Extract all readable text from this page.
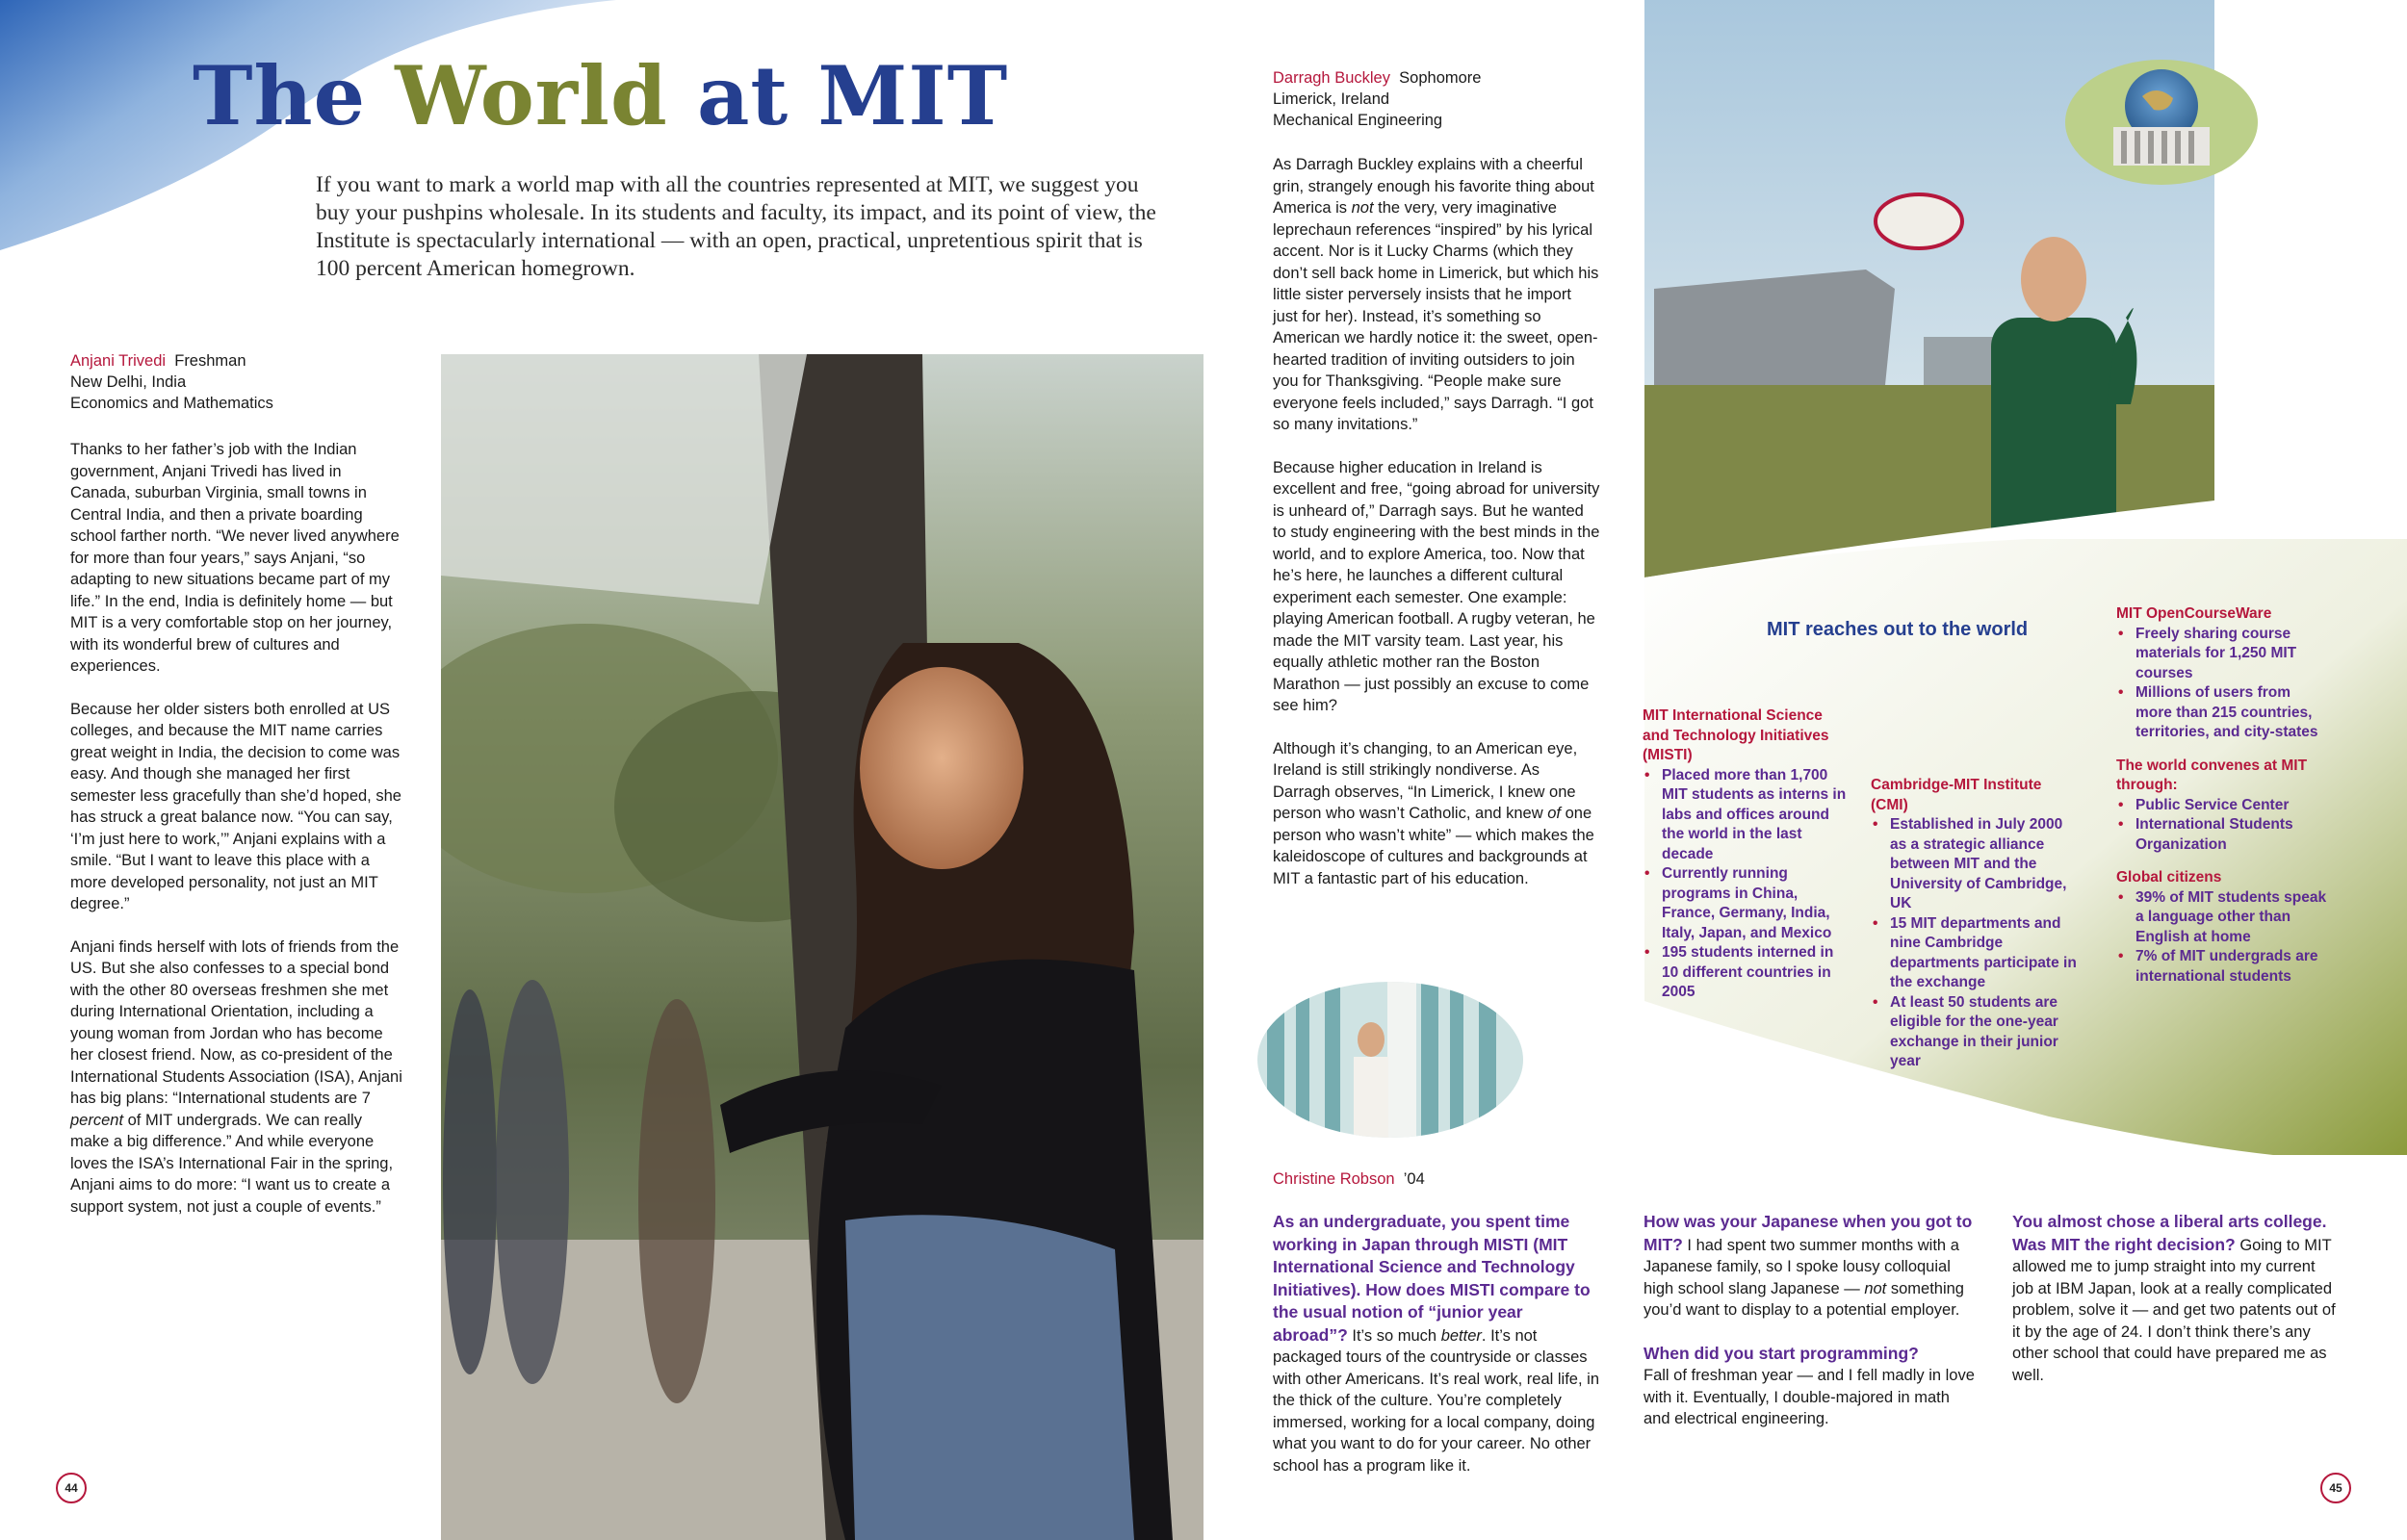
The World at MIT

If you want to mark a world map with all the countries represented at MIT, we suggest you buy your pushpins wholesale. In its students and faculty, its impact, and its point of view, the Institute is spectacularly international — with an open, practical, unpretentious spirit that is 100 percent American homegrown.

Anjani Trivedi Freshman

New Delhi, India

Economics and Mathematics

Thanks to her father’s job with the Indian government, Anjani Trivedi has lived in Canada, suburban Virginia, small towns in Central India, and then a private boarding school farther north. “We never lived anywhere for more than four years,” says Anjani, “so adapting to new situations became part of my life.” In the end, India is definitely home — but MIT is a very comfortable stop on her journey, with its wonderful brew of cultures and experiences.

Because her older sisters both enrolled at US colleges, and because the MIT name carries great weight in India, the decision to come was easy. And though she managed her first semester less gracefully than she’d hoped, she has struck a great balance now. “You can say, ‘I’m just here to work,’” Anjani explains with a smile. “But I want to leave this place with a more developed personality, not just an MIT degree.”

Anjani finds herself with lots of friends from the US. But she also confesses to a special bond with the other 80 overseas freshmen she met during International Orientation, including a young woman from Jordan who has become her closest friend. Now, as co-president of the International Students Association (ISA), Anjani has big plans: “International students are 7 percent of MIT undergrads. We can really make a big difference.” And while everyone loves the ISA’s International Fair in the spring, Anjani aims to do more: “I want us to create a support system, not just a couple of events.”

Darragh Buckley Sophomore

Limerick, Ireland

Mechanical Engineering

As Darragh Buckley explains with a cheerful grin, strangely enough his favorite thing about America is not the very, very imaginative leprechaun references “inspired” by his lyrical accent. Nor is it Lucky Charms (which they don’t sell back home in Limerick, but which his little sister perversely insists that he import just for her). Instead, it’s something so American we hardly notice it: the sweet, open-hearted tradition of inviting outsiders to join you for Thanksgiving. “People make sure everyone feels included,” says Darragh. “I got so many invitations.”

Because higher education in Ireland is excellent and free, “going abroad for university is unheard of,” Darragh says. But he wanted to study engineering with the best minds in the world, and to explore America, too. Now that he’s here, he launches a different cultural experiment each semester. One example: playing American football. A rugby veteran, he made the MIT varsity team. Last year, his equally athletic mother ran the Boston Marathon — just possibly an excuse to come see him?

Although it’s changing, to an American eye, Ireland is still strikingly nondiverse. As Darragh observes, “In Limerick, I knew one person who wasn’t Catholic, and knew of one person who wasn’t white” — which makes the kaleidoscope of cultures and backgrounds at MIT a fantastic part of his education.

MIT reaches out to the world

MIT International Science and Technology Initiatives (MISTI)

• Placed more than 1,700 MIT students as interns in labs and offices around the world in the last decade
• Currently running programs in China, France, Germany, India, Italy, Japan, and Mexico
• 195 students interned in 10 different countries in 2005

Cambridge-MIT Institute (CMI)

• Established in July 2000 as a strategic alliance between MIT and the University of Cambridge, UK
• 15 MIT departments and nine Cambridge departments participate in the exchange
• At least 50 students are eligible for the one-year exchange in their junior year

MIT OpenCourseWare

• Freely sharing course materials for 1,250 MIT courses
• Millions of users from more than 215 countries, territories, and city-states

The world convenes at MIT through:

• Public Service Center
• International Students Organization

Global citizens

• 39% of MIT students speak a language other than English at home
• 7% of MIT undergrads are international students

Christine Robson ’04

As an undergraduate, you spent time working in Japan through MISTI (MIT International Science and Technology Initiatives). How does MISTI compare to the usual notion of “junior year abroad”? It’s so much better. It’s not packaged tours of the countryside or classes with other Americans. It’s real work, real life, in the thick of the culture. You’re completely immersed, working for a local company, doing what you want to do for your career. No other school has a program like it.

How was your Japanese when you got to MIT? I had spent two summer months with a Japanese family, so I spoke lousy colloquial high school slang Japanese — not something you’d want to display to a potential employer.

When did you start programming?
Fall of freshman year — and I fell madly in love with it. Eventually, I double-majored in math and electrical engineering.

You almost chose a liberal arts college. Was MIT the right decision? Going to MIT allowed me to jump straight into my current job at IBM Japan, look at a really complicated problem, solve it — and get two patents out of it by the age of 24. I don’t think there’s any other school that could have prepared me as well.

44	45
